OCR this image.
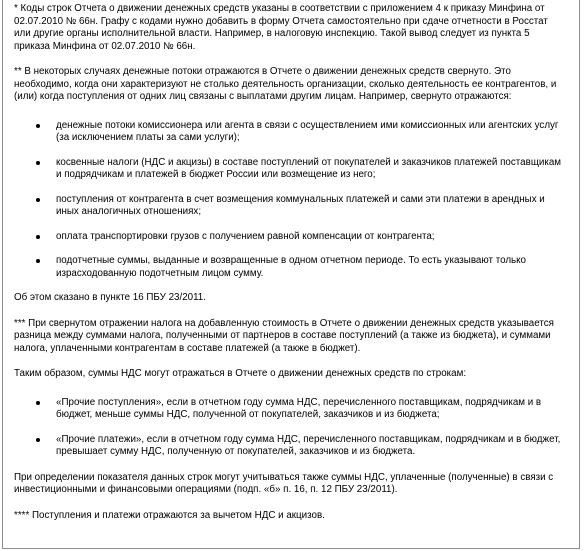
* Коды строк Отчета о движении денежных средств указаны в соответствии с приложением 4 к приказу Минфина от 02.07.2010 № 66н. Графу с кодами нужно добавить в форму Отчета самостоятельно при сдаче отчетности в Росстат или другие органы исполнительной власти. Например, в налоговую инспекцию. Такой вывод следует из пункта 5 приказа Минфина от 02.07.2010 № 66н.

** В некоторых случаях денежные потоки отражаются в Отчете о движении денежных средств свернуто. Это необходимо, когда они характеризуют не столько деятельность организации, сколько деятельность ее контрагентов, и (или) когда поступления от одних лиц связаны с выплатами другим лицам. Например, свернуто отражаются:

денежные потоки комиссионера или агента в связи с осуществлением ими комиссионных или агентских услуг (за исключением платы за сами услуги);
косвенные налоги (НДС и акцизы) в составе поступлений от покупателей и заказчиков платежей поставщикам и подрядчикам и платежей в бюджет России или возмещение из него;
поступления от контрагента в счет возмещения коммунальных платежей и сами эти платежи в арендных и иных аналогичных отношениях;
оплата транспортировки грузов с получением равной компенсации от контрагента;
подотчетные суммы, выданные и возвращенные в одном отчетном периоде. То есть указывают только израсходованную подотчетным лицом сумму.

Об этом сказано в пункте 16 ПБУ 23/2011.

*** При свернутом отражении налога на добавленную стоимость в Отчете о движении денежных средств указывается разница между суммами налога, полученными от партнеров в составе поступлений (а также из бюджета), и суммами налога, уплаченными контрагентам в составе платежей (а также в бюджет).

Таким образом, суммы НДС могут отражаться в Отчете о движении денежных средств по строкам:

«Прочие поступления», если в отчетном году сумма НДС, перечисленного поставщикам, подрядчикам и в бюджет, меньше суммы НДС, полученной от покупателей, заказчиков и из бюджета;
«Прочие платежи», если в отчетном году сумма НДС, перечисленного поставщикам, подрядчикам и в бюджет, превышает сумму НДС, полученную от покупателей, заказчиков и из бюджета.

При определении показателя данных строк могут учитываться также суммы НДС, уплаченные (полученные) в связи с инвестиционными и финансовыми операциями (подп. «б» п. 16, п. 12 ПБУ 23/2011).

**** Поступления и платежи отражаются за вычетом НДС и акцизов.
